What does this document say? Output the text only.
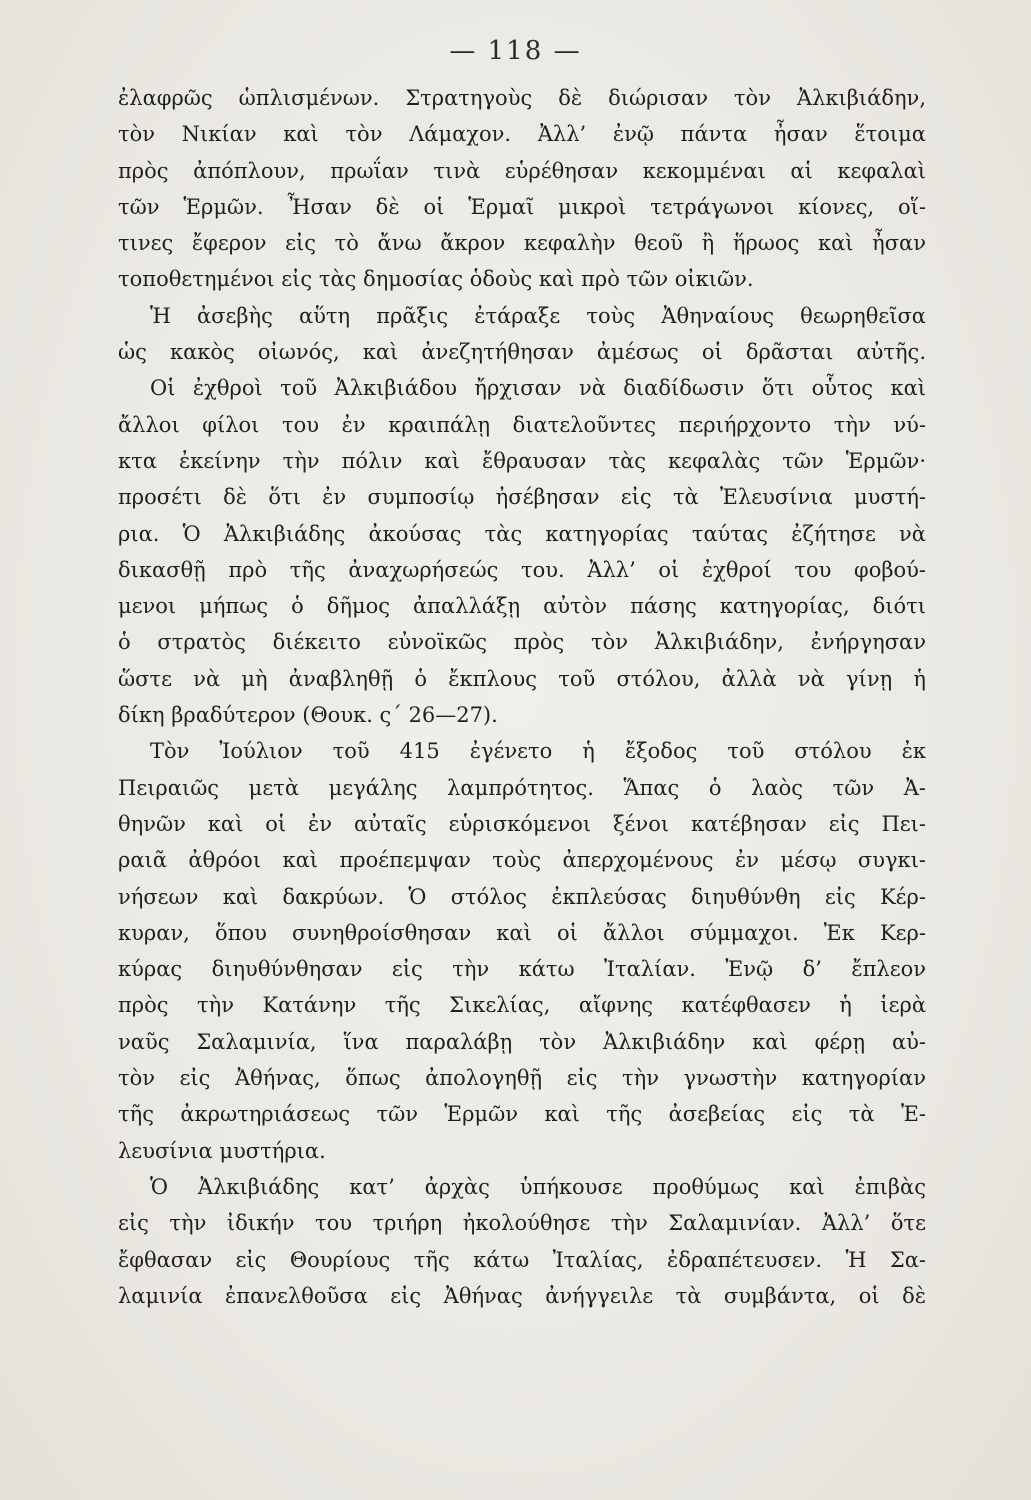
— 118 —
ἐλαφρῶς ὡπλισμένων. Στρατηγοὺς δὲ διώρισαν τὸν Ἀλκιβιάδην,
τὸν Νικίαν καὶ τὸν Λάμαχον. Ἀλλ’ ἐνῷ πάντα ἦσαν ἕτοιμα
πρὸς ἀπόπλουν, πρωΐαν τινὰ εὑρέθησαν κεκομμέναι αἱ κεφαλαὶ
τῶν Ἑρμῶν. Ἦσαν δὲ οἱ Ἑρμαῖ μικροὶ τετράγωνοι κίονες, οἵ-
τινες ἔφερον εἰς τὸ ἄνω ἄκρον κεφαλὴν θεοῦ ἢ ἥρωος καὶ ἦσαν
τοποθετημένοι εἰς τὰς δημοσίας ὁδοὺς καὶ πρὸ τῶν οἰκιῶν.
Ἡ ἀσεβὴς αὕτη πρᾶξις ἐτάραξε τοὺς Ἀθηναίους θεωρηθεῖσα
ὡς κακὸς οἰωνός, καὶ ἀνεζητήθησαν ἀμέσως οἱ δρᾶσται αὐτῆς.
Οἱ ἐχθροὶ τοῦ Ἀλκιβιάδου ἤρχισαν νὰ διαδίδωσιν ὅτι οὗτος καὶ
ἄλλοι φίλοι του ἐν κραιπάλῃ διατελοῦντες περιήρχοντο τὴν νύ-
κτα ἐκείνην τὴν πόλιν καὶ ἔθραυσαν τὰς κεφαλὰς τῶν Ἑρμῶν·
προσέτι δὲ ὅτι ἐν συμποσίῳ ἠσέβησαν εἰς τὰ Ἐλευσίνια μυστή-
ρια. Ὁ Ἀλκιβιάδης ἀκούσας τὰς κατηγορίας ταύτας ἐζήτησε νὰ
δικασθῇ πρὸ τῆς ἀναχωρήσεώς του. Ἀλλ’ οἱ ἐχθροί του φοβού-
μενοι μήπως ὁ δῆμος ἀπαλλάξῃ αὐτὸν πάσης κατηγορίας, διότι
ὁ στρατὸς διέκειτο εὐνοϊκῶς πρὸς τὸν Ἀλκιβιάδην, ἐνήργησαν
ὥστε νὰ μὴ ἀναβληθῇ ὁ ἔκπλους τοῦ στόλου, ἀλλὰ νὰ γίνῃ ἡ
δίκη βραδύτερον (Θουκ. ς΄ 26—27).
Τὸν Ἰούλιον τοῦ 415 ἐγένετο ἡ ἔξοδος τοῦ στόλου ἐκ
Πειραιῶς μετὰ μεγάλης λαμπρότητος. Ἅπας ὁ λαὸς τῶν Ἀ-
θηνῶν καὶ οἱ ἐν αὐταῖς εὑρισκόμενοι ξένοι κατέβησαν εἰς Πει-
ραιᾶ ἀθρόοι καὶ προέπεμψαν τοὺς ἀπερχομένους ἐν μέσῳ συγκι-
νήσεων καὶ δακρύων. Ὁ στόλος ἐκπλεύσας διηυθύνθη εἰς Κέρ-
κυραν, ὅπου συνηθροίσθησαν καὶ οἱ ἄλλοι σύμμαχοι. Ἐκ Κερ-
κύρας διηυθύνθησαν εἰς τὴν κάτω Ἰταλίαν. Ἐνῷ δ’ ἔπλεον
πρὸς τὴν Κατάνην τῆς Σικελίας, αἴφνης κατέφθασεν ἡ ἱερὰ
ναῦς Σαλαμινία, ἵνα παραλάβῃ τὸν Ἀλκιβιάδην καὶ φέρῃ αὐ-
τὸν εἰς Ἀθήνας, ὅπως ἀπολογηθῇ εἰς τὴν γνωστὴν κατηγορίαν
τῆς ἀκρωτηριάσεως τῶν Ἑρμῶν καὶ τῆς ἀσεβείας εἰς τὰ Ἐ-
λευσίνια μυστήρια.
Ὁ Ἀλκιβιάδης κατ’ ἀρχὰς ὑπήκουσε προθύμως καὶ ἐπιβὰς
εἰς τὴν ἰδικήν του τριήρη ἠκολούθησε τὴν Σαλαμινίαν. Ἀλλ’ ὅτε
ἔφθασαν εἰς Θουρίους τῆς κάτω Ἰταλίας, ἐδραπέτευσεν. Ἡ Σα-
λαμινία ἐπανελθοῦσα εἰς Ἀθήνας ἀνήγγειλε τὰ συμβάντα, οἱ δὲ
